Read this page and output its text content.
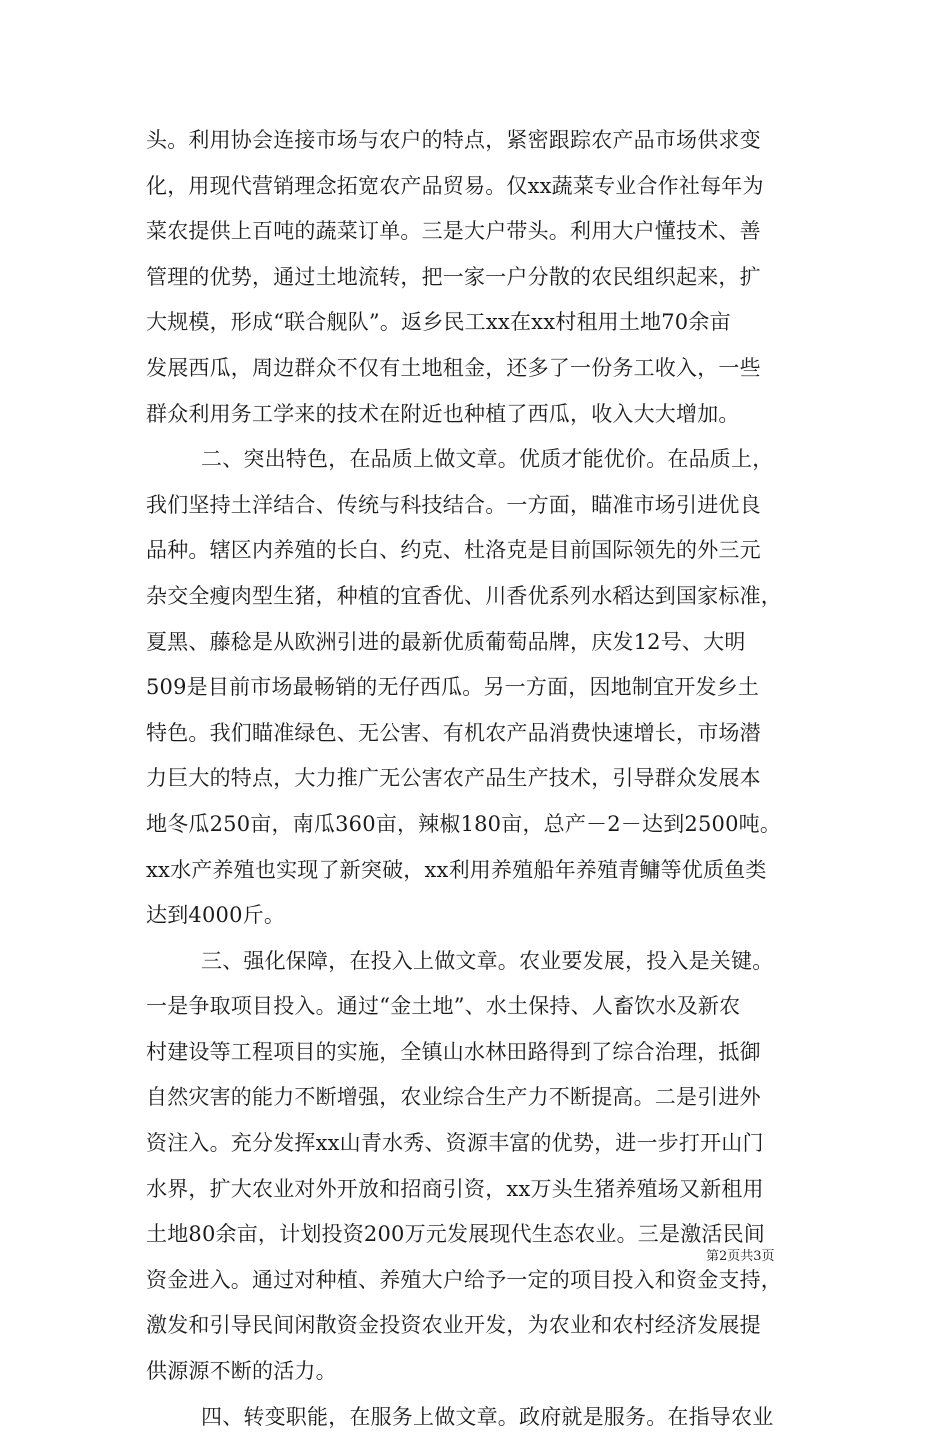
头。利用协会连接市场与农户的特点，紧密跟踪农产品市场供求变
化，用现代营销理念拓宽农产品贸易。仅xx蔬菜专业合作社每年为
菜农提供上百吨的蔬菜订单。三是大户带头。利用大户懂技术、善
管理的优势，通过土地流转，把一家一户分散的农民组织起来，扩
大规模，形成“联合舰队”。返乡民工xx在xx村租用土地70余亩
发展西瓜，周边群众不仅有土地租金，还多了一份务工收入，一些
群众利用务工学来的技术在附近也种植了西瓜，收入大大增加。
二、突出特色，在品质上做文章。优质才能优价。在品质上，
我们坚持土洋结合、传统与科技结合。一方面，瞄准市场引进优良
品种。辖区内养殖的长白、约克、杜洛克是目前国际领先的外三元
杂交全瘦肉型生猪，种植的宜香优、川香优系列水稻达到国家标准，
夏黑、藤稔是从欧洲引进的最新优质葡萄品牌，庆发12号、大明
509是目前市场最畅销的无仔西瓜。另一方面，因地制宜开发乡土
特色。我们瞄准绿色、无公害、有机农产品消费快速增长，市场潜
力巨大的特点，大力推广无公害农产品生产技术，引导群众发展本
地冬瓜250亩，南瓜360亩，辣椒180亩，总产－2－达到2500吨。
xx水产养殖也实现了新突破，xx利用养殖船年养殖青鳙等优质鱼类
达到4000斤。
三、强化保障，在投入上做文章。农业要发展，投入是关键。
一是争取项目投入。通过“金土地”、水土保持、人畜饮水及新农
村建设等工程项目的实施，全镇山水林田路得到了综合治理，抵御
自然灾害的能力不断增强，农业综合生产力不断提高。二是引进外
资注入。充分发挥xx山青水秀、资源丰富的优势，进一步打开山门
水界，扩大农业对外开放和招商引资，xx万头生猪养殖场又新租用
土地80余亩，计划投资200万元发展现代生态农业。三是激活民间
资金进入。通过对种植、养殖大户给予一定的项目投入和资金支持，
激发和引导民间闲散资金投资农业开发，为农业和农村经济发展提
供源源不断的活力。
四、转变职能，在服务上做文章。政府就是服务。在指导农业
第2页共3页
